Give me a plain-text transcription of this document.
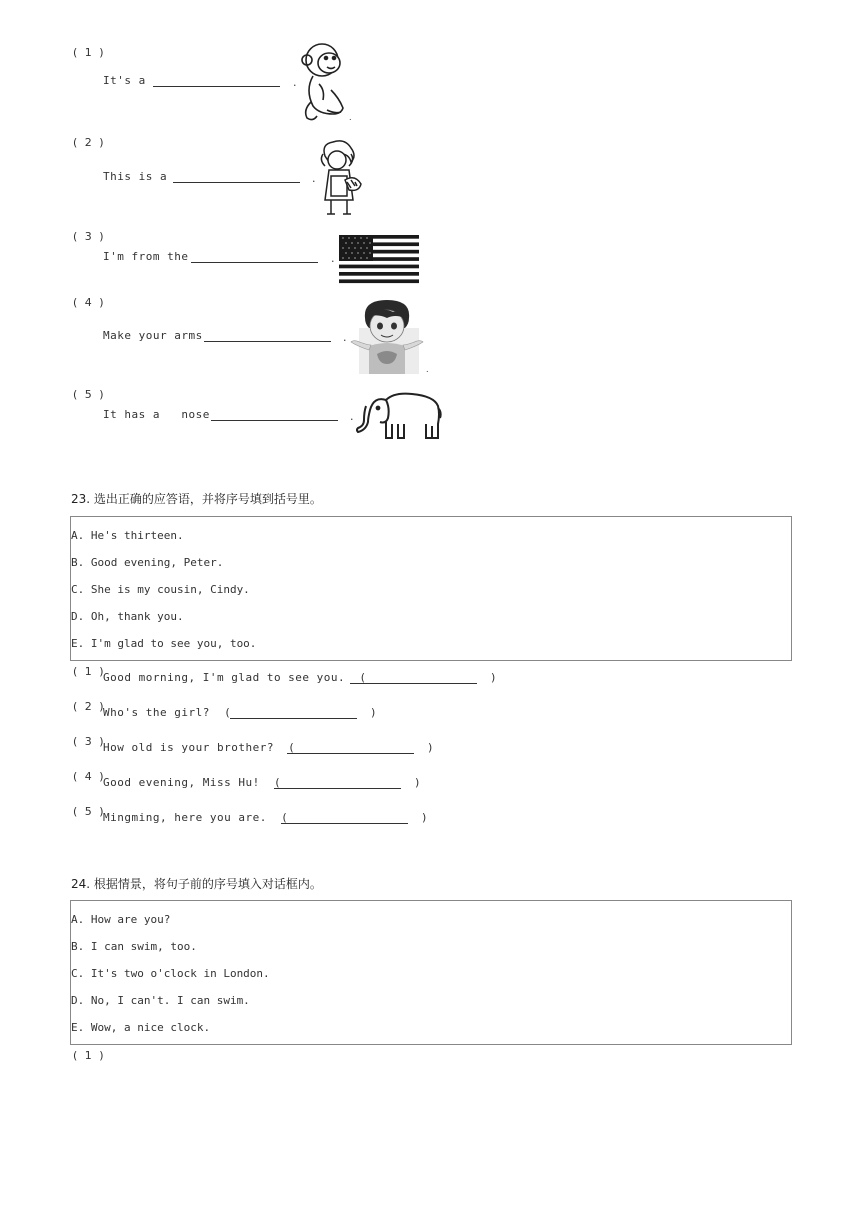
( 1 )
It's a	.
.
( 2 )
This is a	.
( 3 )
I'm from the	.
( 4 )
Make your arms	.
.
( 5 )
It has a   nose	.
23. 选出正确的应答语，并将序号填到括号里。
A. He's thirteen.
B. Good evening, Peter.
C. She is my cousin, Cindy.
D. Oh, thank you.
E. I'm glad to see you, too.
( 1 )
Good morning, I'm glad to see you.  (	)
( 2 )
Who's the girl?  (	)
( 3 )
How old is your brother?  (	)
( 4 )
Good evening, Miss Hu!  (	)
( 5 )
Mingming, here you are.  (	)
24. 根据情景，将句子前的序号填入对话框内。
A. How are you?
B. I can swim, too.
C. It's two o'clock in London.
D. No, I can't. I can swim.
E. Wow, a nice clock.
( 1 )
